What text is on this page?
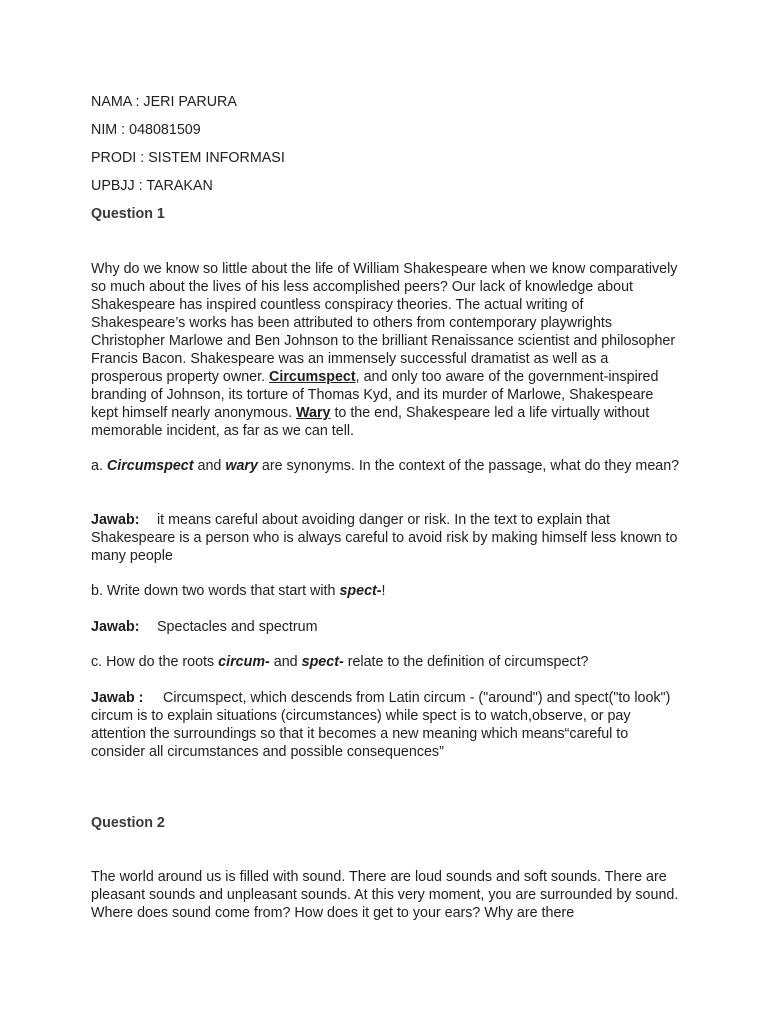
NAMA : JERI PARURA
NIM : 048081509
PRODI : SISTEM INFORMASI
UPBJJ : TARAKAN
Question 1
Why do we know so little about the life of William Shakespeare when we know comparatively so much about the lives of his less accomplished peers? Our lack of knowledge about Shakespeare has inspired countless conspiracy theories. The actual writing of Shakespeare’s works has been attributed to others from contemporary playwrights Christopher Marlowe and Ben Johnson to the brilliant Renaissance scientist and philosopher Francis Bacon. Shakespeare was an immensely successful dramatist as well as a prosperous property owner. Circumspect, and only too aware of the government-inspired branding of Johnson, its torture of Thomas Kyd, and its murder of Marlowe, Shakespeare kept himself nearly anonymous. Wary to the end, Shakespeare led a life virtually without memorable incident, as far as we can tell.
a. Circumspect and wary are synonyms. In the context of the passage, what do they mean?
Jawab: it means careful about avoiding danger or risk. In the text to explain that Shakespeare is a person who is always careful to avoid risk by making himself less known to many people
b. Write down two words that start with spect-!
Jawab: Spectacles and spectrum
c. How do the roots circum- and spect- relate to the definition of circumspect?
Jawab : Circumspect, which descends from Latin circum - ("around") and spect("to look") circum is to explain situations (circumstances) while spect is to watch,observe, or pay attention the surroundings so that it becomes a new meaning which means“careful to consider all circumstances and possible consequences”
Question 2
The world around us is filled with sound. There are loud sounds and soft sounds. There are pleasant sounds and unpleasant sounds. At this very moment, you are surrounded by sound. Where does sound come from? How does it get to your ears? Why are there
